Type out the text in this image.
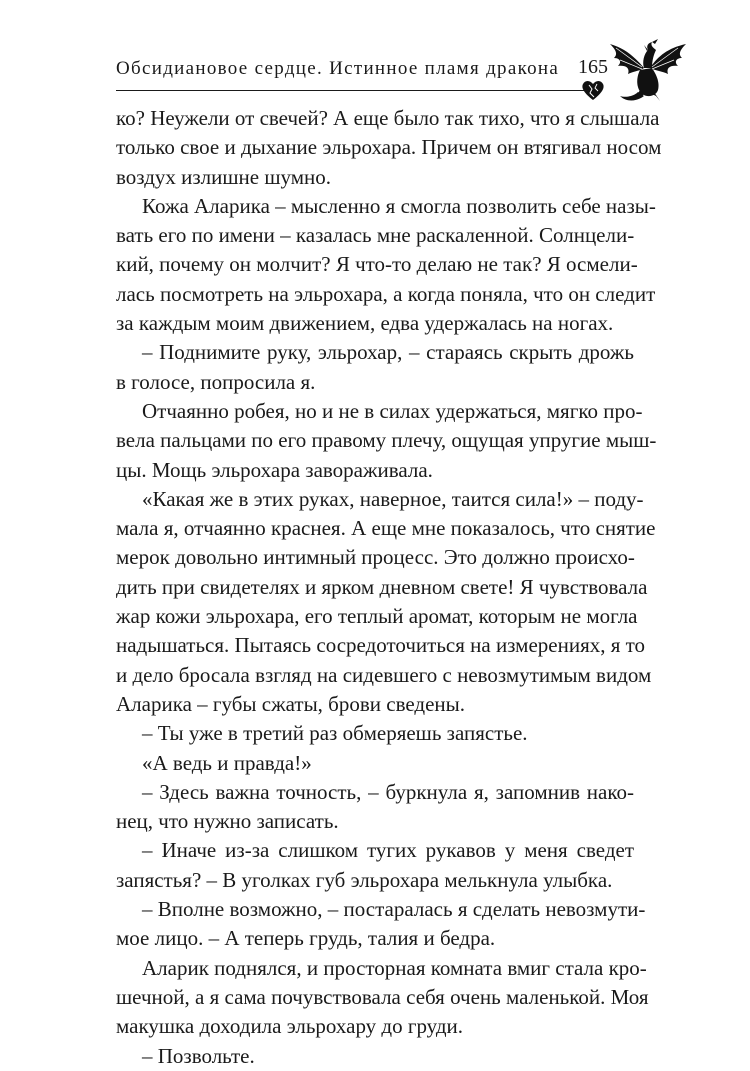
Обсидиановое сердце. Истинное пламя дракона 165
ко? Неужели от свечей? А еще было так тихо, что я слышала
только свое и дыхание эльрохара. Причем он втягивал носом
воздух излишне шумно.
Кожа Аларика – мысленно я смогла позволить себе назы-
вать его по имени – казалась мне раскаленной. Солнцели-
кий, почему он молчит? Я что-то делаю не так? Я осмели-
лась посмотреть на эльрохара, а когда поняла, что он следит
за каждым моим движением, едва удержалась на ногах.
– Поднимите руку, эльрохар, – стараясь скрыть дрожь
в голосе, попросила я.
Отчаянно робея, но и не в силах удержаться, мягко про-
вела пальцами по его правому плечу, ощущая упругие мыш-
цы. Мощь эльрохара завораживала.
«Какая же в этих руках, наверное, таится сила!» – поду-
мала я, отчаянно краснея. А еще мне показалось, что снятие
мерок довольно интимный процесс. Это должно происхо-
дить при свидетелях и ярком дневном свете! Я чувствовала
жар кожи эльрохара, его теплый аромат, которым не могла
надышаться. Пытаясь сосредоточиться на измерениях, я то
и дело бросала взгляд на сидевшего с невозмутимым видом
Аларика – губы сжаты, брови сведены.
– Ты уже в третий раз обмеряешь запястье.
«А ведь и правда!»
– Здесь важна точность, – буркнула я, запомнив нако-
нец, что нужно записать.
– Иначе из-за слишком тугих рукавов у меня сведет
запястья? – В уголках губ эльрохара мелькнула улыбка.
– Вполне возможно, – постаралась я сделать невозмути-
мое лицо. – А теперь грудь, талия и бедра.
Аларик поднялся, и просторная комната вмиг стала кро-
шечной, а я сама почувствовала себя очень маленькой. Моя
макушка доходила эльрохару до груди.
– Позвольте.
